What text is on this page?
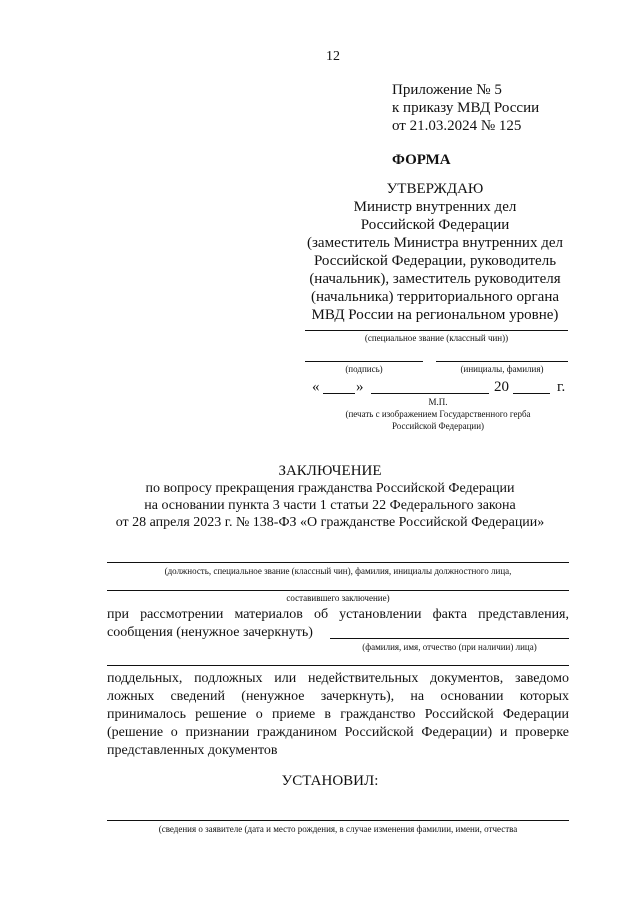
12
Приложение № 5
к приказу МВД России
от 21.03.2024 № 125
ФОРМА
УТВЕРЖДАЮ
Министр внутренних дел
Российской Федерации
(заместитель Министра внутренних дел
Российской Федерации, руководитель
(начальник), заместитель руководителя
(начальника) территориального органа
МВД России на региональном уровне)
(специальное звание (классный чин))
(подпись)	(инициалы, фамилия)
« »	20	г.
М.П.
(печать с изображением Государственного герба
Российской Федерации)
ЗАКЛЮЧЕНИЕ
по вопросу прекращения гражданства Российской Федерации
на основании пункта 3 части 1 статьи 22 Федерального закона
от 28 апреля 2023 г. № 138-ФЗ «О гражданстве Российской Федерации»
(должность, специальное звание (классный чин), фамилия, инициалы должностного лица,
составившего заключение)
при рассмотрении материалов об установлении факта представления,
сообщения (ненужное зачеркнуть)
(фамилия, имя, отчество (при наличии) лица)
поддельных, подложных или недействительных документов, заведомо
ложных сведений (ненужное зачеркнуть), на основании которых
принималось решение о приеме в гражданство Российской Федерации
(решение о признании гражданином Российской Федерации) и проверке
представленных документов
УСТАНОВИЛ:
(сведения о заявителе (дата и место рождения, в случае изменения фамилии, имени, отчества
